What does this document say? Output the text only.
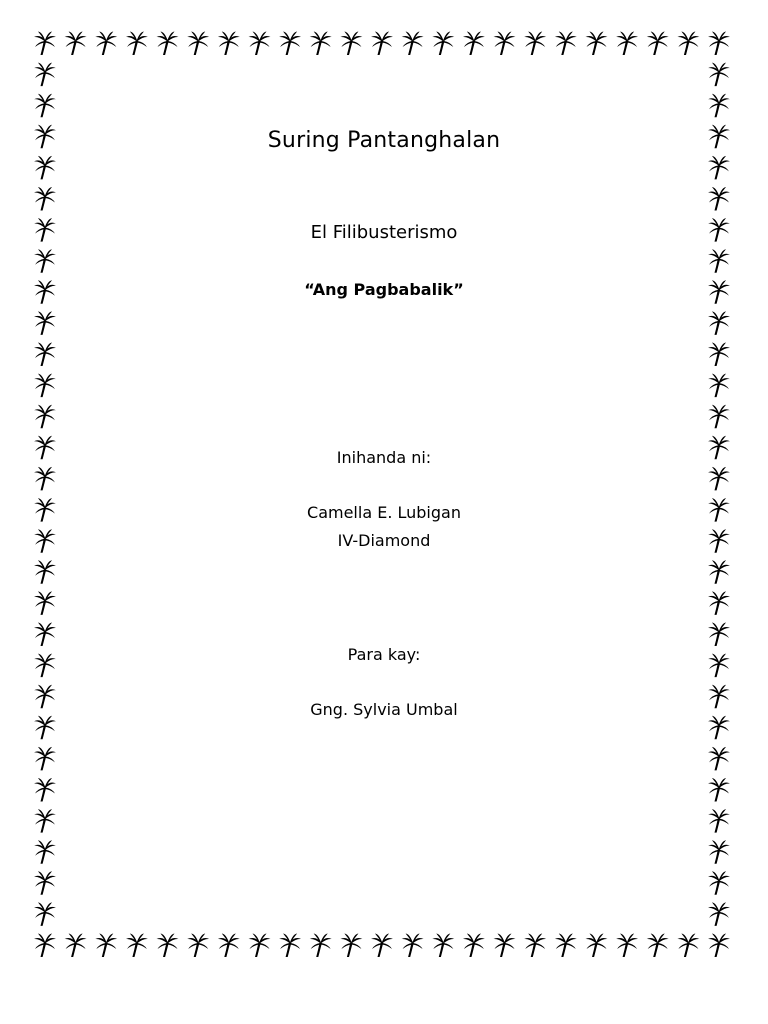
Suring Pantanghalan
El Filibusterismo
“Ang Pagbabalik”
Inihanda ni:
Camella E. Lubigan
IV-Diamond
Para kay:
Gng. Sylvia Umbal
